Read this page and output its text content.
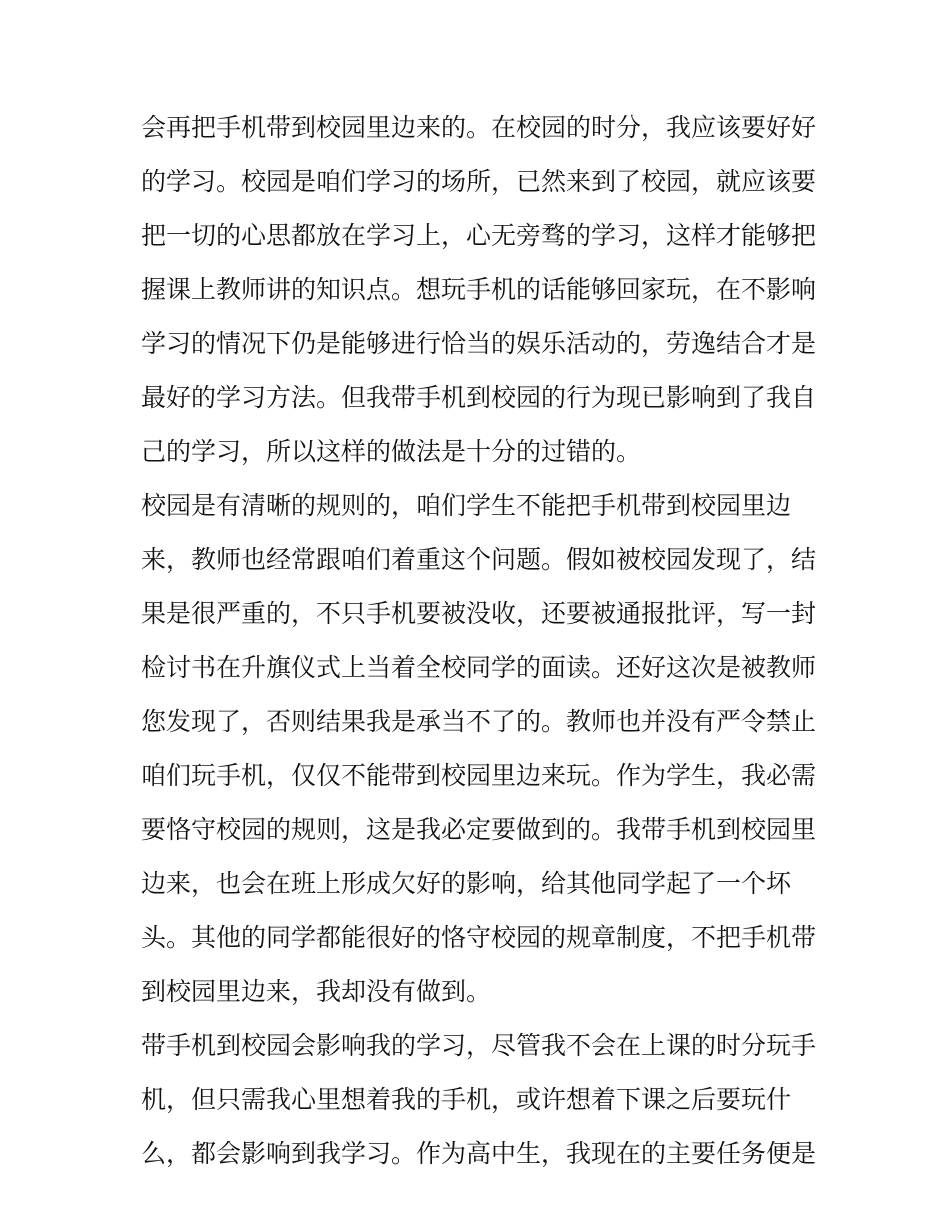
会再把手机带到校园里边来的。在校园的时分，我应该要好好
的学习。校园是咱们学习的场所，已然来到了校园，就应该要
把一切的心思都放在学习上，心无旁骛的学习，这样才能够把
握课上教师讲的知识点。想玩手机的话能够回家玩，在不影响
学习的情况下仍是能够进行恰当的娱乐活动的，劳逸结合才是
最好的学习方法。但我带手机到校园的行为现已影响到了我自
己的学习，所以这样的做法是十分的过错的。
校园是有清晰的规则的，咱们学生不能把手机带到校园里边
来，教师也经常跟咱们着重这个问题。假如被校园发现了，结
果是很严重的，不只手机要被没收，还要被通报批评，写一封
检讨书在升旗仪式上当着全校同学的面读。还好这次是被教师
您发现了，否则结果我是承当不了的。教师也并没有严令禁止
咱们玩手机，仅仅不能带到校园里边来玩。作为学生，我必需
要恪守校园的规则，这是我必定要做到的。我带手机到校园里
边来，也会在班上形成欠好的影响，给其他同学起了一个坏
头。其他的同学都能很好的恪守校园的规章制度，不把手机带
到校园里边来，我却没有做到。
带手机到校园会影响我的学习，尽管我不会在上课的时分玩手
机，但只需我心里想着我的手机，或许想着下课之后要玩什
么，都会影响到我学习。作为高中生，我现在的主要任务便是
